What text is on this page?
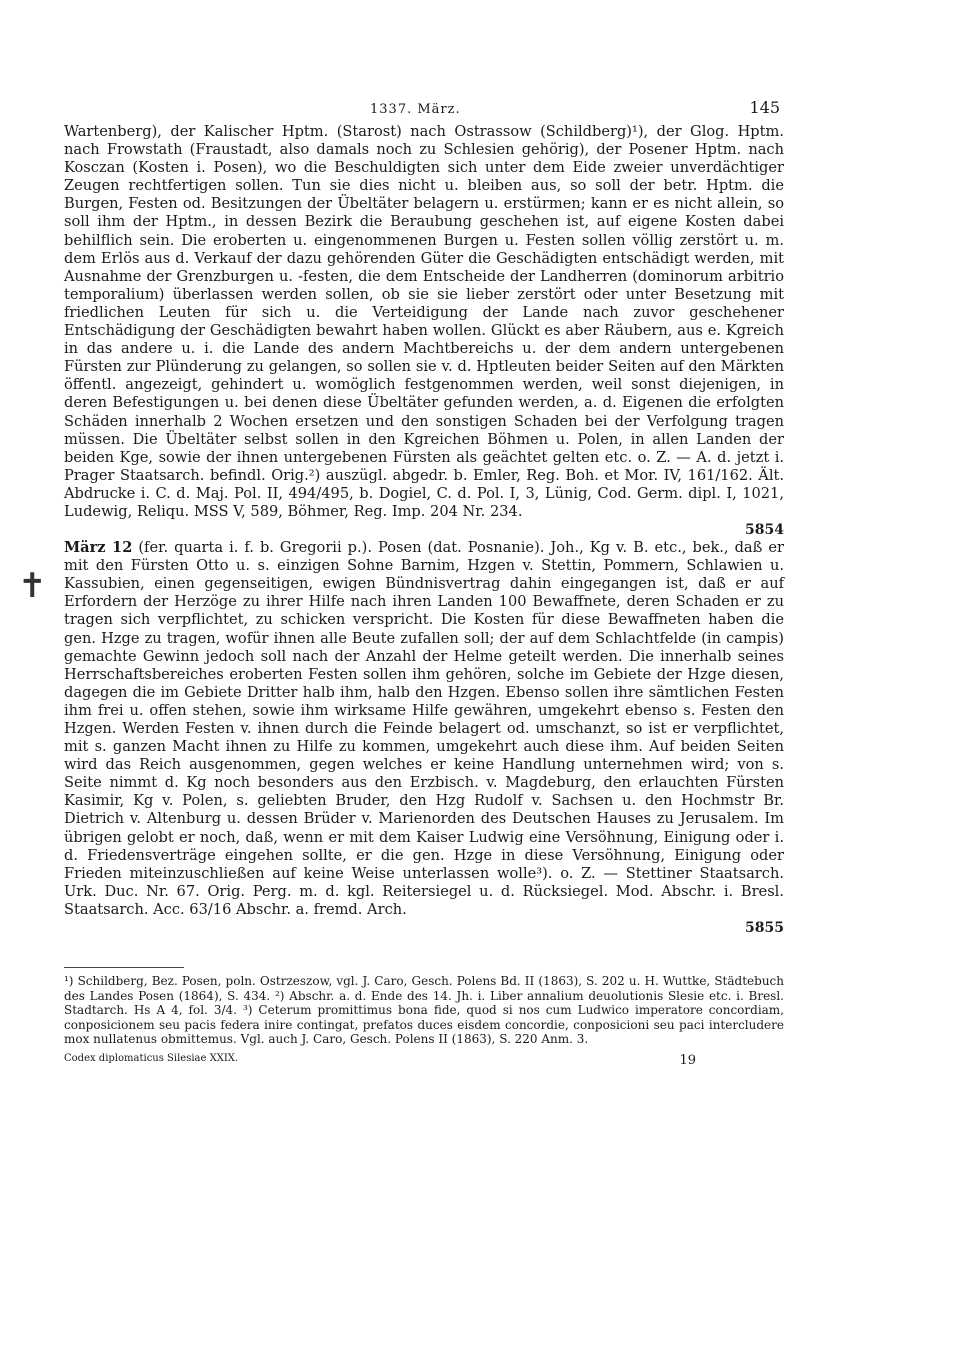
✝
1337. März.	145

Wartenberg), der Kalischer Hptm. (Starost) nach Ostrassow (Schildberg)¹), der Glog. Hptm. nach Frowstath (Fraustadt, also damals noch zu Schlesien gehörig), der Posener Hptm. nach Kosczan (Kosten i. Posen), wo die Beschuldigten sich unter dem Eide zweier unverdächtiger Zeugen rechtfertigen sollen. Tun sie dies nicht u. bleiben aus, so soll der betr. Hptm. die Burgen, Festen od. Besitzungen der Übeltäter belagern u. erstürmen; kann er es nicht allein, so soll ihm der Hptm., in dessen Bezirk die Beraubung geschehen ist, auf eigene Kosten dabei behilflich sein. Die eroberten u. eingenommenen Burgen u. Festen sollen völlig zerstört u. m. dem Erlös aus d. Verkauf der dazu gehörenden Güter die Geschädigten entschädigt werden, mit Ausnahme der Grenzburgen u. -festen, die dem Entscheide der Landherren (dominorum arbitrio temporalium) überlassen werden sollen, ob sie sie lieber zerstört oder unter Besetzung mit friedlichen Leuten für sich u. die Verteidigung der Lande nach zuvor geschehener Entschädigung der Geschädigten bewahrt haben wollen. Glückt es aber Räubern, aus e. Kgreich in das andere u. i. die Lande des andern Machtbereichs u. der dem andern untergebenen Fürsten zur Plünderung zu gelangen, so sollen sie v. d. Hptleuten beider Seiten auf den Märkten öffentl. angezeigt, gehindert u. womöglich festgenommen werden, weil sonst diejenigen, in deren Befestigungen u. bei denen diese Übeltäter gefunden werden, a. d. Eigenen die erfolgten Schäden innerhalb 2 Wochen ersetzen und den sonstigen Schaden bei der Verfolgung tragen müssen. Die Übeltäter selbst sollen in den Kgreichen Böhmen u. Polen, in allen Landen der beiden Kge, sowie der ihnen untergebenen Fürsten als geächtet gelten etc. o. Z. — A. d. jetzt i. Prager Staatsarch. befindl. Orig.²) auszügl. abgedr. b. Emler, Reg. Boh. et Mor. IV, 161/162. Ält. Abdrucke i. C. d. Maj. Pol. II, 494/495, b. Dogiel, C. d. Pol. I, 3, Lünig, Cod. Germ. dipl. I, 1021, Ludewig, Reliqu. MSS V, 589, Böhmer, Reg. Imp. 204 Nr. 234.

5854

März 12 (fer. quarta i. f. b. Gregorii p.). Posen (dat. Posnanie). Joh., Kg v. B. etc., bek., daß er mit den Fürsten Otto u. s. einzigen Sohne Barnim, Hzgen v. Stettin, Pommern, Schlawien u. Kassubien, einen gegenseitigen, ewigen Bündnisvertrag dahin eingegangen ist, daß er auf Erfordern der Herzöge zu ihrer Hilfe nach ihren Landen 100 Bewaffnete, deren Schaden er zu tragen sich verpflichtet, zu schicken verspricht. Die Kosten für diese Bewaffneten haben die gen. Hzge zu tragen, wofür ihnen alle Beute zufallen soll; der auf dem Schlachtfelde (in campis) gemachte Gewinn jedoch soll nach der Anzahl der Helme geteilt werden. Die innerhalb seines Herrschaftsbereiches eroberten Festen sollen ihm gehören, solche im Gebiete der Hzge diesen, dagegen die im Gebiete Dritter halb ihm, halb den Hzgen. Ebenso sollen ihre sämtlichen Festen ihm frei u. offen stehen, sowie ihm wirksame Hilfe gewähren, umgekehrt ebenso s. Festen den Hzgen. Werden Festen v. ihnen durch die Feinde belagert od. umschanzt, so ist er verpflichtet, mit s. ganzen Macht ihnen zu Hilfe zu kommen, umgekehrt auch diese ihm. Auf beiden Seiten wird das Reich ausgenommen, gegen welches er keine Handlung unternehmen wird; von s. Seite nimmt d. Kg noch besonders aus den Erzbisch. v. Magdeburg, den erlauchten Fürsten Kasimir, Kg v. Polen, s. geliebten Bruder, den Hzg Rudolf v. Sachsen u. den Hochmstr Br. Dietrich v. Altenburg u. dessen Brüder v. Marienorden des Deutschen Hauses zu Jerusalem. Im übrigen gelobt er noch, daß, wenn er mit dem Kaiser Ludwig eine Versöhnung, Einigung oder i. d. Friedensverträge eingehen sollte, er die gen. Hzge in diese Versöhnung, Einigung oder Frieden miteinzuschließen auf keine Weise unterlassen wolle³). o. Z. — Stettiner Staatsarch. Urk. Duc. Nr. 67. Orig. Perg. m. d. kgl. Reitersiegel u. d. Rücksiegel. Mod. Abschr. i. Bresl. Staatsarch. Acc. 63/16 Abschr. a. fremd. Arch.

5855

¹) Schildberg, Bez. Posen, poln. Ostrzeszow, vgl. J. Caro, Gesch. Polens Bd. II (1863), S. 202 u. H. Wuttke, Städtebuch des Landes Posen (1864), S. 434. ²) Abschr. a. d. Ende des 14. Jh. i. Liber annalium deuolutionis Slesie etc. i. Bresl. Stadtarch. Hs A 4, fol. 3/4. ³) Ceterum promittimus bona fide, quod si nos cum Ludwico imperatore concordiam, conposicionem seu pacis federa inire contingat, prefatos duces eisdem concordie, conposicioni seu paci intercludere mox nullatenus obmittemus. Vgl. auch J. Caro, Gesch. Polens II (1863), S. 220 Anm. 3.

Codex diplomaticus Silesiae XXIX.	19
